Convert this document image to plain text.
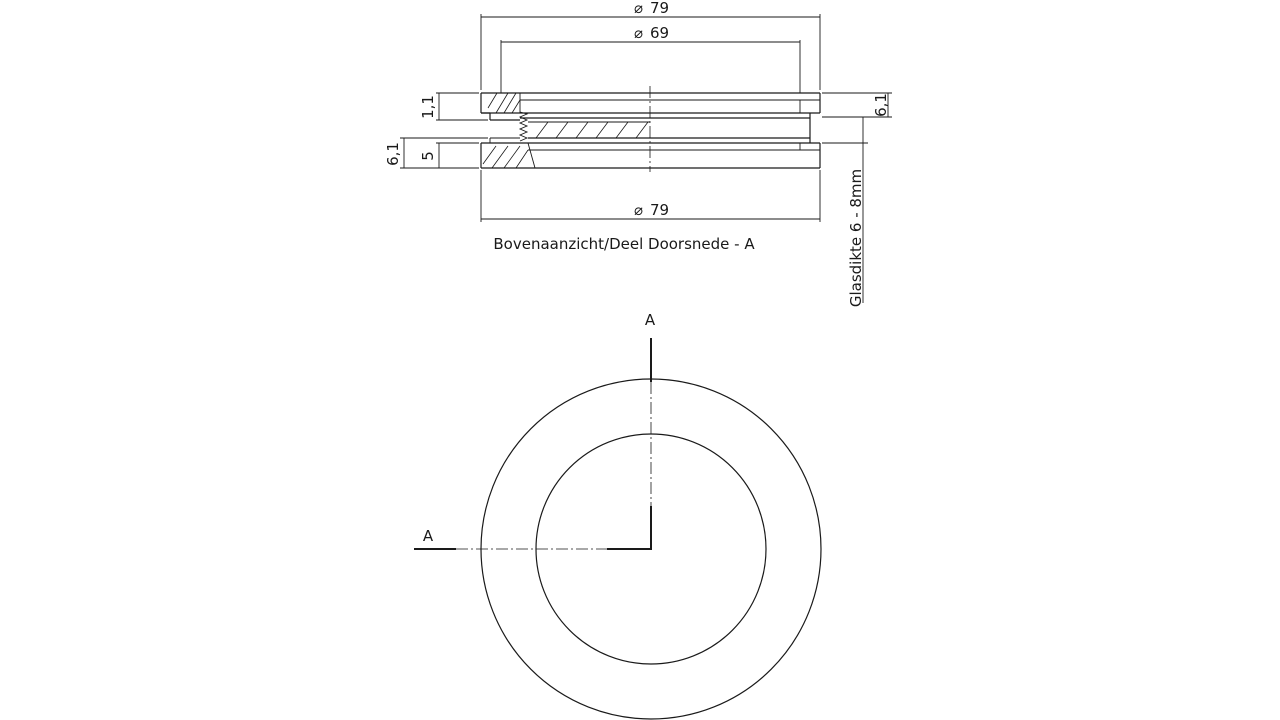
⌀ 79
⌀ 69
⌀ 79
6,1
Glasdikte 6 - 8mm
1,1
5
6,1
Bovenaanzicht/Deel Doorsnede - A
A
A
